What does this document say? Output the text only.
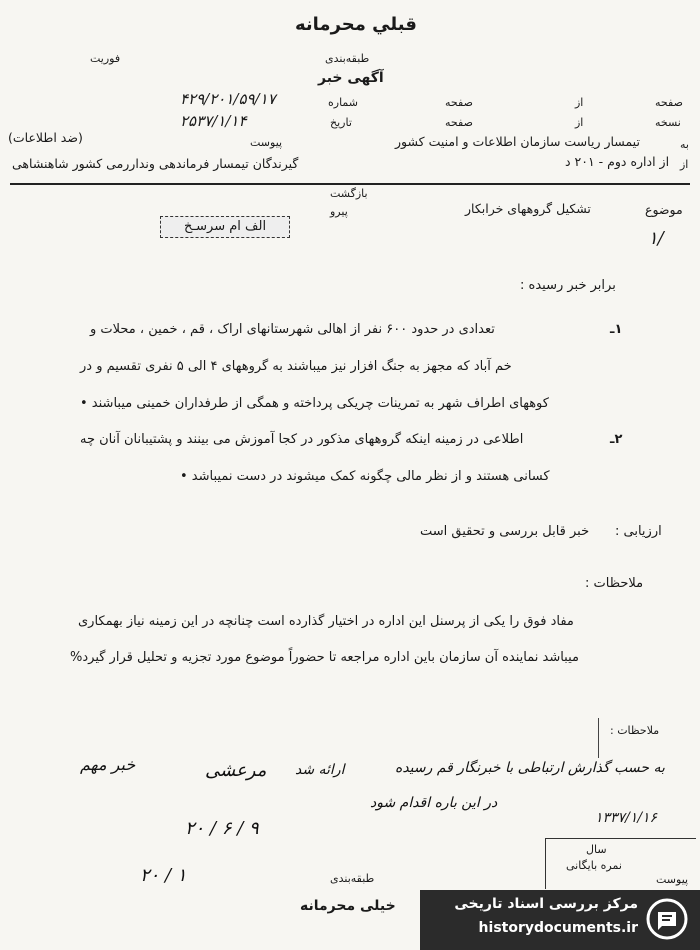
قبلي محرمانه
فوریت	طبقه‌بندی
آگهی خبر
شماره
۴۲۹/۲۰۱/۵۹/۱۷
تاریخ
۲۵۳۷/۱/۱۴
پیوست
(ضد اطلاعات)
صفحه	از	صفحه
صفحه	از	نسخه
به
تیمسار ریاست سازمان اطلاعات و امنیت کشور
از
از اداره دوم - ۲۰۱ د
گیرندگان تیمسار فرماندهی ونداررمی کشور شاهنشاهی
بازگشت
پیرو	موضوع
تشکیل گروههای خرابکار
الف ام سرسـخ
۱/
برابر خبر رسیده :
۱ـ
تعدادی در حدود ۶۰۰ نفر از اهالی شهرستانهای اراک ، قم ، خمین ، محلات و
خم آباد که مجهز به جنگ افزار نیز میباشند به گروههای ۴ الی ۵ نفری تقسیم و در
کوههای اطراف شهر به تمرینات چریکی پرداخته و همگی از طرفداران خمینی میباشند •
۲ـ
اطلاعی در زمینه اینکه گروههای مذکور در کجا آموزش می بینند و پشتیبانان آنان چه
کسانی هستند و از نظر مالی چگونه کمک میشوند در دست نمیباشد •
ارزیابی :
خبر قابل بررسی و تحقیق است
ملاحظات :
مفاد فوق را یکی از پرسنل این اداره در اختیار گذارده است چنانچه در این زمینه نیاز بهمکاری
میباشد نماینده آن سازمان باین اداره مراجعه تا حضوراً موضوع مورد تجزیه و تحلیل قرار گیرد%
ملاحظات :
به حسب گذارش ارتباطی با خبرنگار قم رسیده
در این باره اقدام شود
مرعشی ارائه شد
۲۰ / ۶ / ۹
خبر مهم
۲۰ / ۱
۱۳۳۷/۱/۱۶
طبقه‌بندی
خیلی محرمانه
سال
نمره بایگانی
پیوست
مرکز بررسی اسناد تاریخی
historydocuments.ir
